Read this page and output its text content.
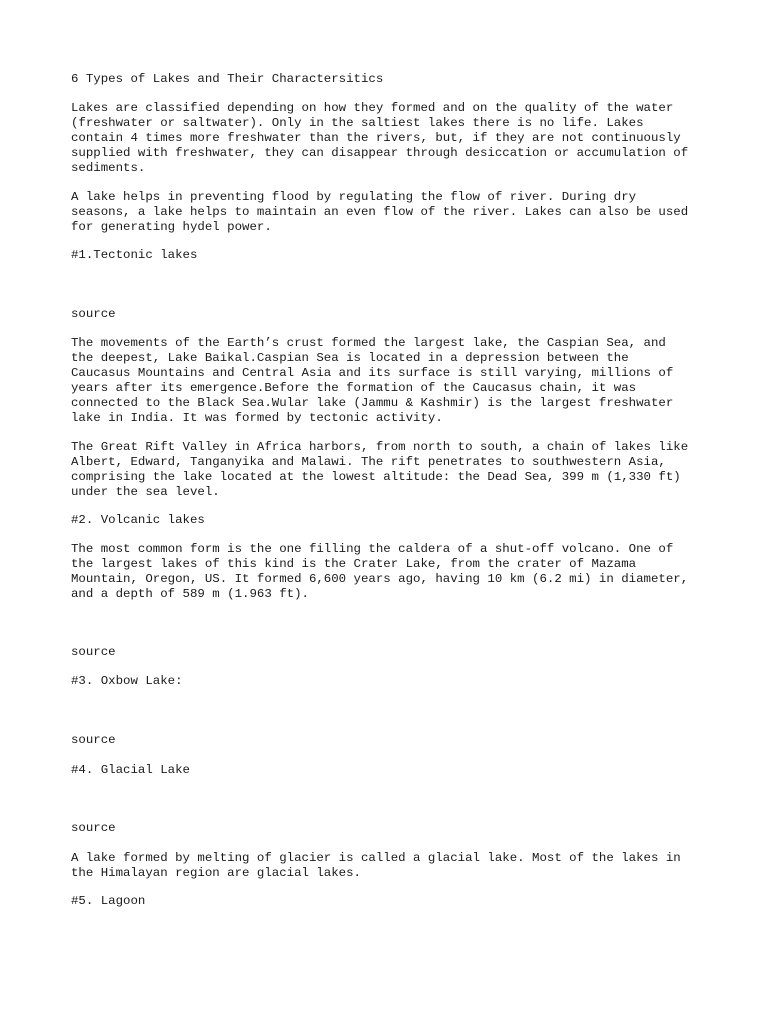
6 Types of Lakes and Their Charactersitics

Lakes are classified depending on how they formed and on the quality of the water

(freshwater or saltwater). Only in the saltiest lakes there is no life. Lakes

contain 4 times more freshwater than the rivers, but, if they are not continuously

supplied with freshwater, they can disappear through desiccation or accumulation of

sediments.

A lake helps in preventing flood by regulating the flow of river. During dry

seasons, a lake helps to maintain an even flow of the river. Lakes can also be used

for generating hydel power.

#1.Tectonic lakes

source

The movements of the Earth’s crust formed the largest lake, the Caspian Sea, and

the deepest, Lake Baikal.Caspian Sea is located in a depression between the

Caucasus Mountains and Central Asia and its surface is still varying, millions of

years after its emergence.Before the formation of the Caucasus chain, it was

connected to the Black Sea.Wular lake (Jammu & Kashmir) is the largest freshwater

lake in India. It was formed by tectonic activity.

The Great Rift Valley in Africa harbors, from north to south, a chain of lakes like

Albert, Edward, Tanganyika and Malawi. The rift penetrates to southwestern Asia,

comprising the lake located at the lowest altitude: the Dead Sea, 399 m (1,330 ft)

under the sea level.

#2. Volcanic lakes

The most common form is the one filling the caldera of a shut-off volcano. One of

the largest lakes of this kind is the Crater Lake, from the crater of Mazama

Mountain, Oregon, US. It formed 6,600 years ago, having 10 km (6.2 mi) in diameter,

and a depth of 589 m (1.963 ft).

source

#3. Oxbow Lake:

source

#4. Glacial Lake

source

A lake formed by melting of glacier is called a glacial lake. Most of the lakes in

the Himalayan region are glacial lakes.

#5. Lagoon
